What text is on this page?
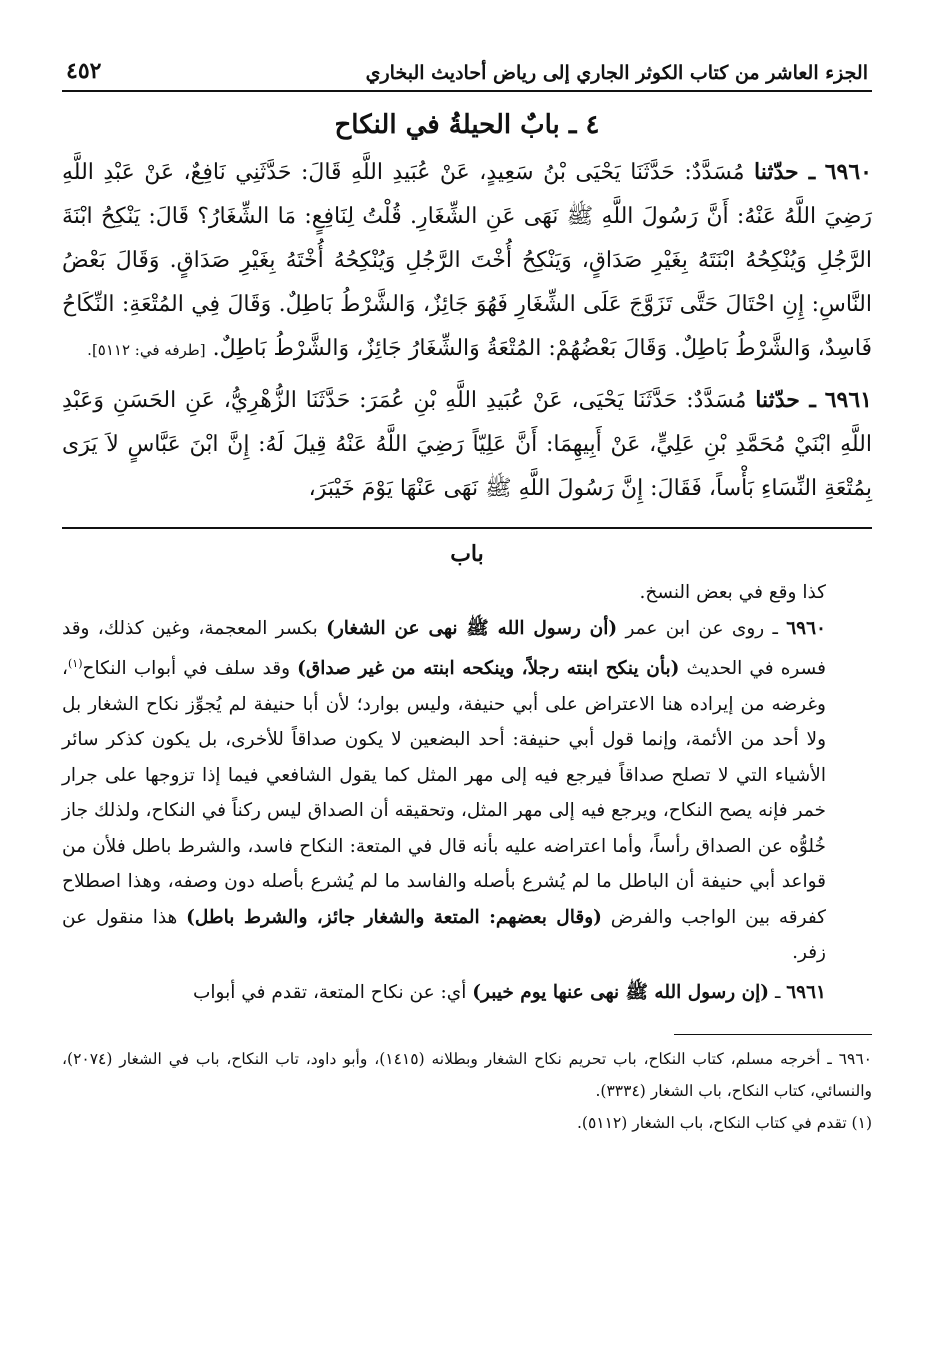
الجزء العاشر من كتاب الكوثر الجاري إلى رياض أحاديث البخاري
٤٥٢
٤ ـ بابٌ الحيلةُ في النكاح

٦٩٦٠ ـ حدّثنا مُسَدَّدٌ: حَدَّثَنَا يَحْيَى بْنُ سَعِيدٍ، عَنْ عُبَيدِ اللَّهِ قَالَ: حَدَّثَنِي نَافِعٌ، عَنْ عَبْدِ اللَّهِ رَضِيَ اللَّهُ عَنْهُ: أَنَّ رَسُولَ اللَّهِ ﷺ نَهَى عَنِ الشِّغَارِ. قُلْتُ لِنَافِعٍ: مَا الشِّغَارُ؟ قَالَ: يَنْكِحُ ابْنَةَ الرَّجُلِ وَيُنْكِحُهُ ابْنَتَهُ بِغَيْرِ صَدَاقٍ، وَيَنْكِحُ أُخْتَ الرَّجُلِ وَيُنْكِحُهُ أُخْتَهُ بِغَيْرِ صَدَاقٍ. وَقَالَ بَعْضُ النَّاسِ: إِنِ احْتَالَ حَتَّى تَزَوَّجَ عَلَى الشِّغَارِ فَهُوَ جَائِزٌ، وَالشَّرْطُ بَاطِلٌ. وَقَالَ فِي المُتْعَةِ: النِّكَاحُ فَاسِدٌ، وَالشَّرْطُ بَاطِلٌ. وَقَالَ بَعْضُهُمْ: المُتْعَةُ وَالشِّغَارُ جَائِزٌ، وَالشَّرْطُ بَاطِلٌ. [طرفه في: ٥١١٢].

٦٩٦١ ـ حدّثنا مُسَدَّدٌ: حَدَّثَنَا يَحْيَى، عَنْ عُبَيدِ اللَّهِ بْنِ عُمَرَ: حَدَّثَنَا الزُّهْرِيُّ، عَنِ الحَسَنِ وَعَبْدِ اللَّهِ ابْنَيْ مُحَمَّدِ بْنِ عَلِيٍّ، عَنْ أَبِيهِمَا: أَنَّ عَلِيّاً رَضِيَ اللَّهُ عَنْهُ قِيلَ لَهُ: إِنَّ ابْنَ عَبَّاسٍ لاَ يَرَى بِمُتْعَةِ النِّسَاءِ بَأْساً، فَقَالَ: إِنَّ رَسُولَ اللَّهِ ﷺ نَهَى عَنْهَا يَوْمَ خَيْبَرَ،

باب

كذا وقع في بعض النسخ.

٦٩٦٠ ـ روى عن ابن عمر (أن رسول الله ﷺ نهى عن الشغار) بكسر المعجمة، وغين كذلك، وقد فسره في الحديث (بأن ينكح ابنته رجلاً، وينكحه ابنته من غير صداق) وقد سلف في أبواب النكاح$^{(١)}$، وغرضه من إيراده هنا الاعتراض على أبي حنيفة، وليس بوارد؛ لأن أبا حنيفة لم يُجوِّز نكاح الشغار بل ولا أحد من الأئمة، وإنما قول أبي حنيفة: أحد البضعين لا يكون صداقاً للأخرى، بل يكون كذكر سائر الأشياء التي لا تصلح صداقاً فيرجع فيه إلى مهر المثل كما يقول الشافعي فيما إذا تزوجها على جرار خمر فإنه يصح النكاح، ويرجع فيه إلى مهر المثل، وتحقيقه أن الصداق ليس ركناً في النكاح، ولذلك جاز خُلوُّه عن الصداق رأساً، وأما اعتراضه عليه بأنه قال في المتعة: النكاح فاسد، والشرط باطل فلأن من قواعد أبي حنيفة أن الباطل ما لم يُشرع بأصله والفاسد ما لم يُشرع بأصله دون وصفه، وهذا اصطلاح كفرقه بين الواجب والفرض (وقال بعضهم: المتعة والشغار جائز، والشرط باطل) هذا منقول عن زفر.

٦٩٦١ ـ (إن رسول الله ﷺ نهى عنها يوم خيبر) أي: عن نكاح المتعة، تقدم في أبواب

٦٩٦٠ ـ أخرجه مسلم، كتاب النكاح، باب تحريم نكاح الشغار وبطلانه (١٤١٥)، وأبو داود، تاب النكاح، باب في الشغار (٢٠٧٤)، والنسائي، كتاب النكاح، باب الشغار (٣٣٣٤).

(١) تقدم في كتاب النكاح، باب الشغار (٥١١٢).
